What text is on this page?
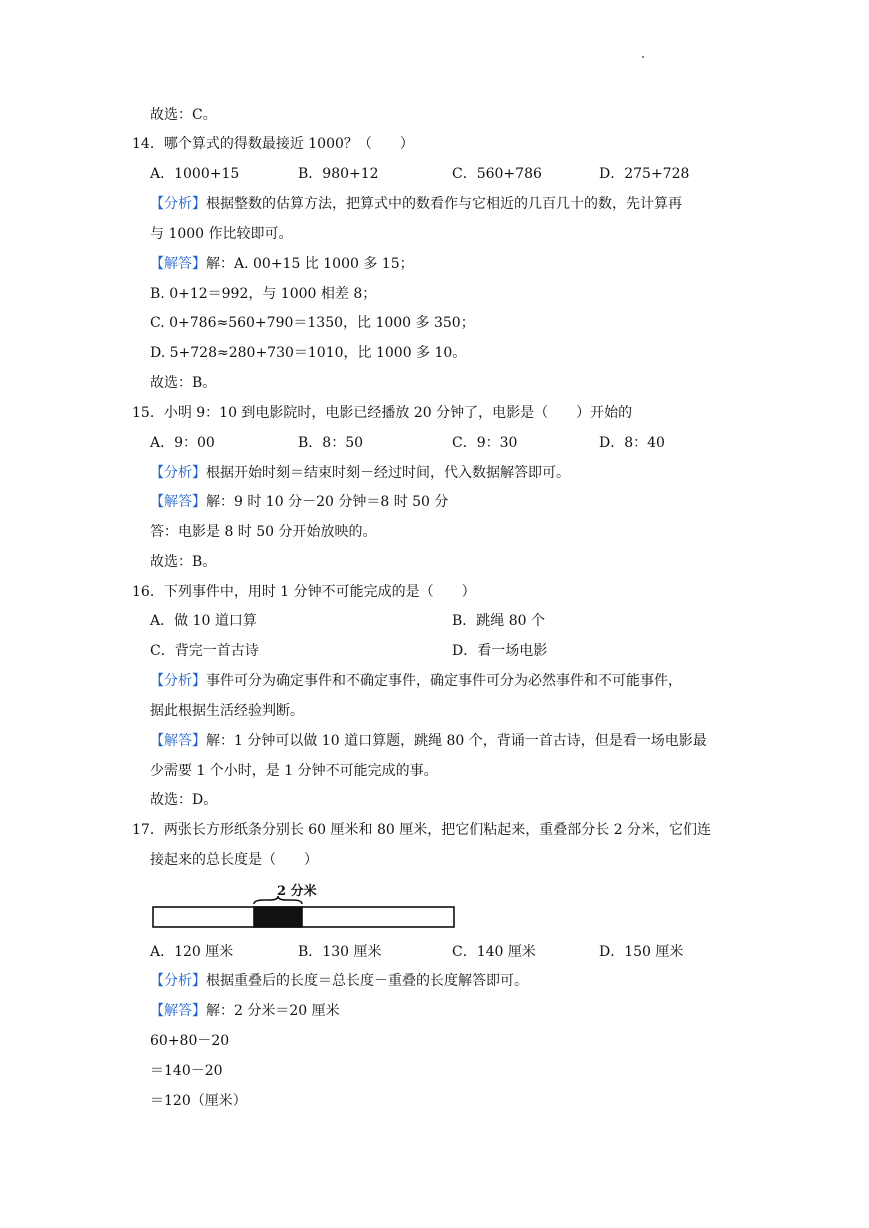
故选：C。
14．哪个算式的得数最接近 1000？（　　）
A．1000+15	B．980+12	C．560+786	D．275+728
【分析】根据整数的估算方法，把算式中的数看作与它相近的几百几十的数，先计算再
与 1000 作比较即可。
【解答】解：A. 00+15 比 1000 多 15；
B. 0+12＝992，与 1000 相差 8；
C. 0+786≈560+790＝1350，比 1000 多 350；
D. 5+728≈280+730＝1010，比 1000 多 10。
故选：B。
15．小明 9：10 到电影院时，电影已经播放 20 分钟了，电影是（　　）开始的
A．9：00	B．8：50	C．9：30	D．8：40
【分析】根据开始时刻＝结束时刻－经过时间，代入数据解答即可。
【解答】解：9 时 10 分－20 分钟＝8 时 50 分
答：电影是 8 时 50 分开始放映的。
故选：B。
16．下列事件中，用时 1 分钟不可能完成的是（　　）
A．做 10 道口算	B．跳绳 80 个
C．背完一首古诗	D．看一场电影
【分析】事件可分为确定事件和不确定事件，确定事件可分为必然事件和不可能事件，
据此根据生活经验判断。
【解答】解：1 分钟可以做 10 道口算题，跳绳 80 个，背诵一首古诗，但是看一场电影最
少需要 1 个小时，是 1 分钟不可能完成的事。
故选：D。
17．两张长方形纸条分别长 60 厘米和 80 厘米，把它们粘起来，重叠部分长 2 分米，它们连
接起来的总长度是（　　）
2 分米
A．120 厘米	B．130 厘米	C．140 厘米	D．150 厘米
【分析】根据重叠后的长度＝总长度－重叠的长度解答即可。
【解答】解：2 分米＝20 厘米
60+80－20
＝140－20
＝120（厘米）
